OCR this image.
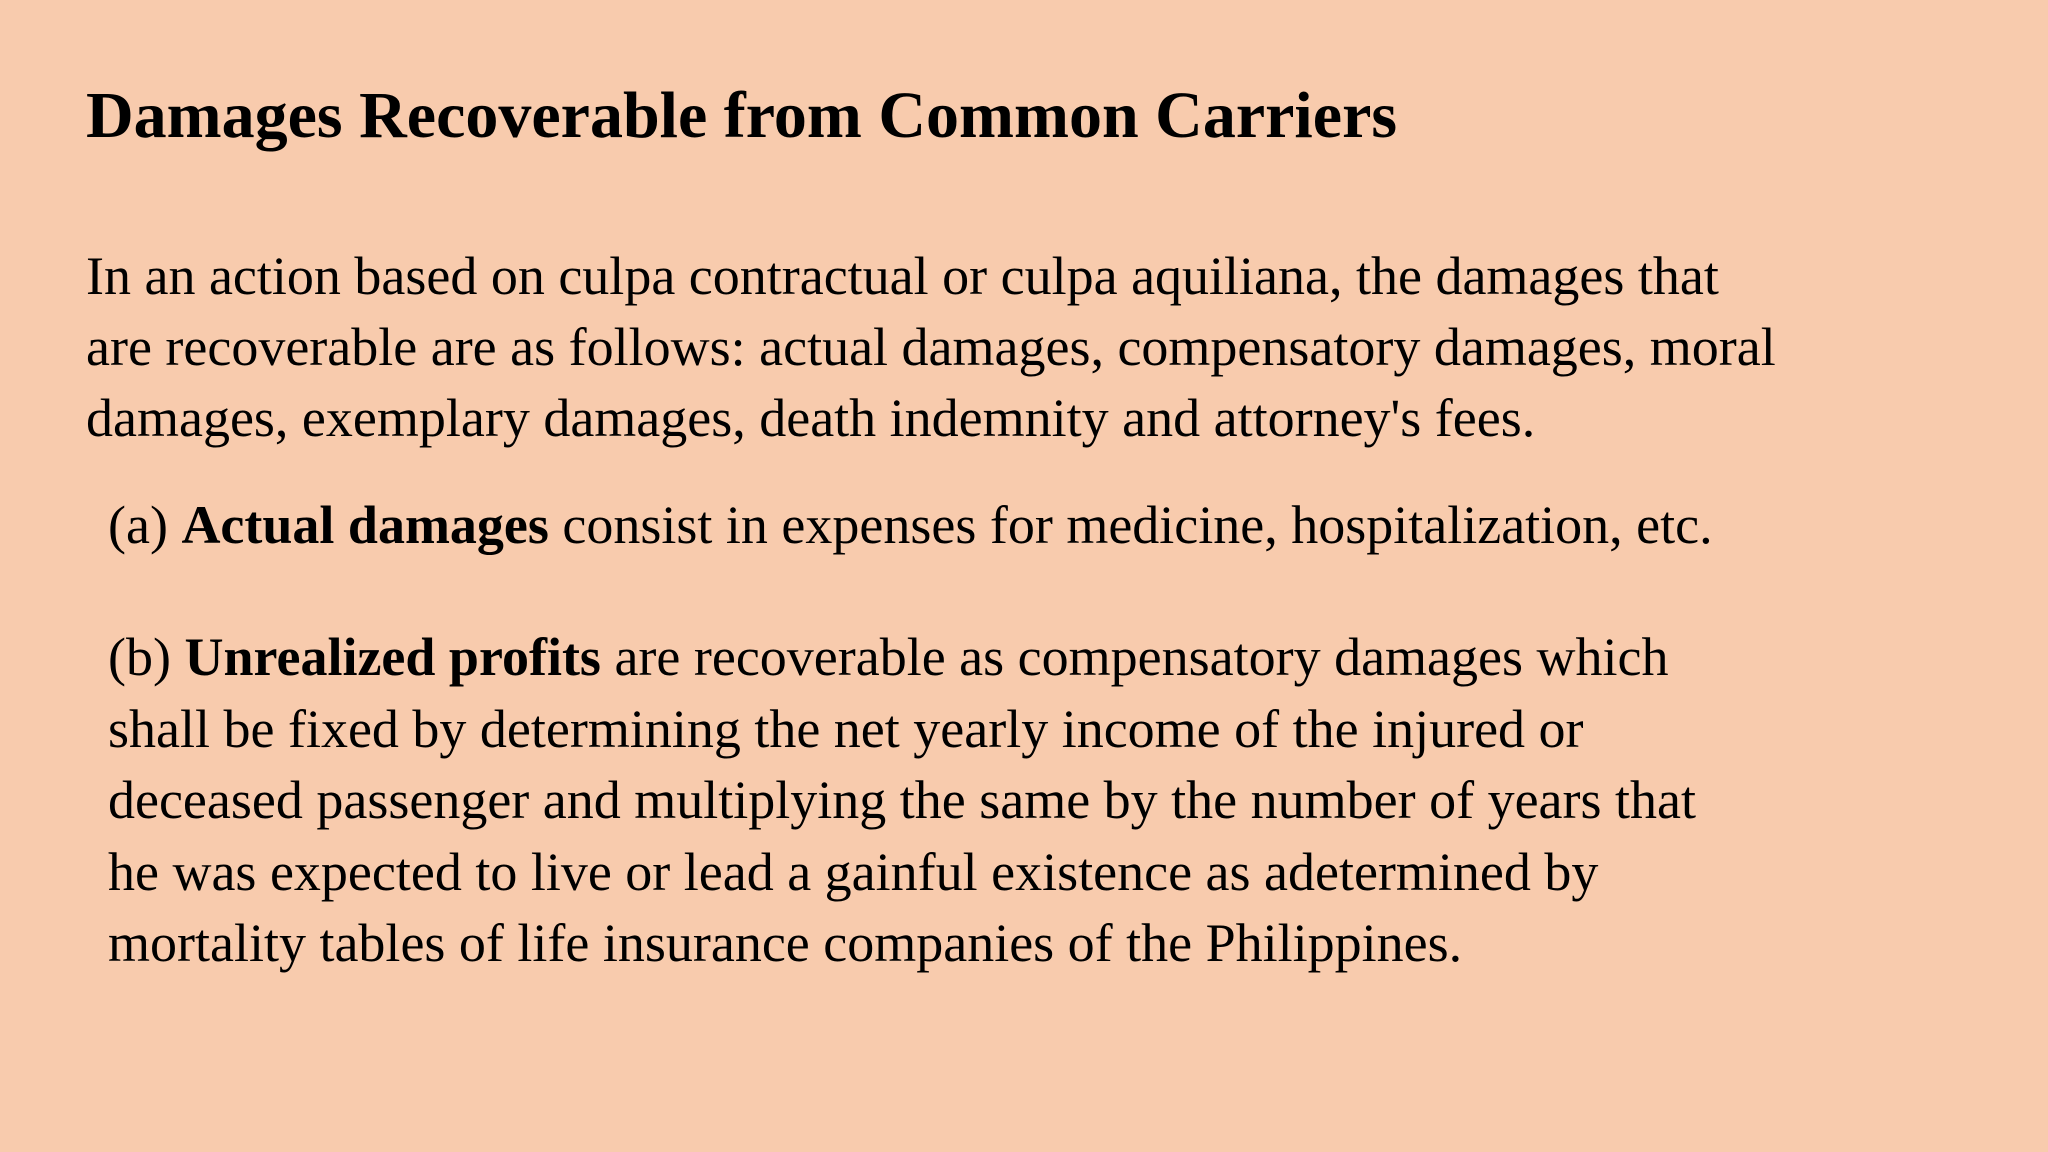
Damages Recoverable from Common Carriers

In an action based on culpa contractual or culpa aquiliana, the damages that
are recoverable are as follows: actual damages, compensatory damages, moral
damages, exemplary damages, death indemnity and attorney's fees.

(a) Actual damages consist in expenses for medicine, hospitalization, etc.

(b) Unrealized profits are recoverable as compensatory damages which
shall be fixed by determining the net yearly income of the injured or
deceased passenger and multiplying the same by the number of years that
he was expected to live or lead a gainful existence as adetermined by
mortality tables of life insurance companies of the Philippines.
